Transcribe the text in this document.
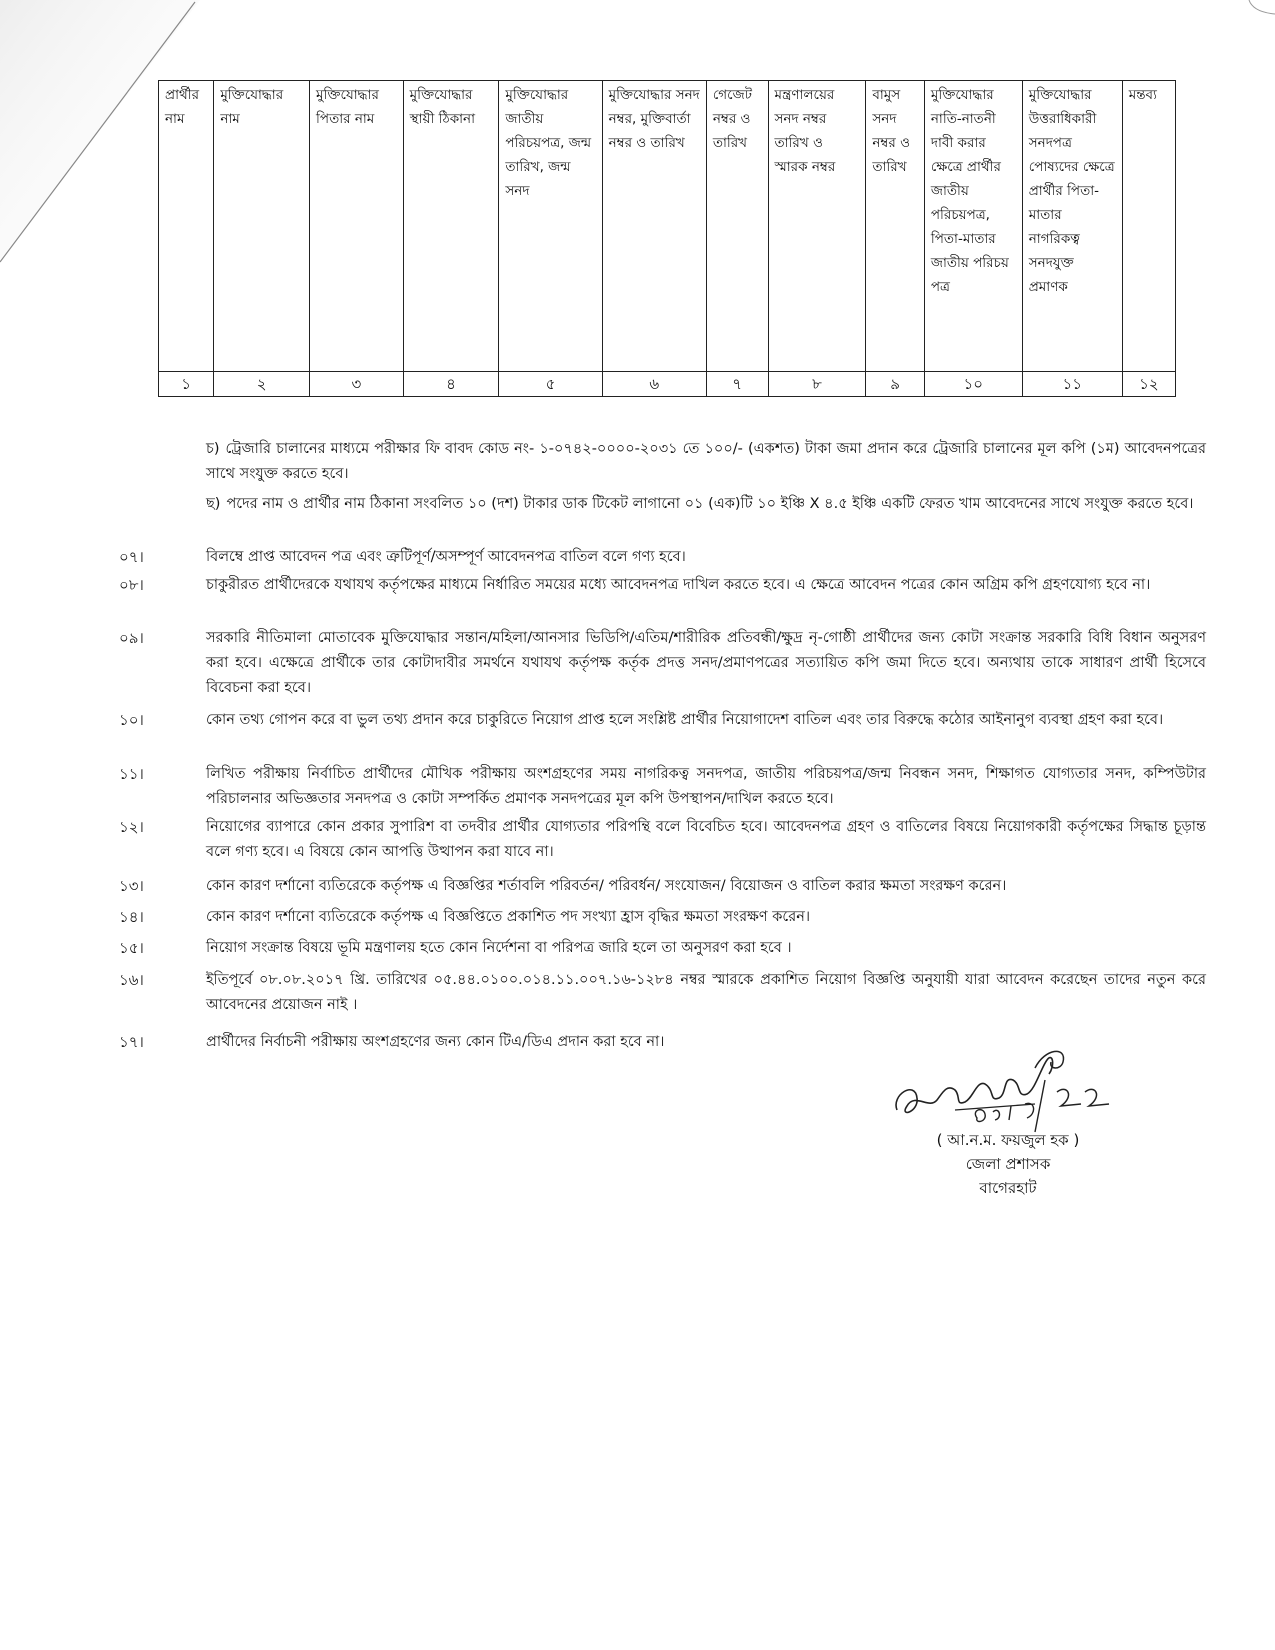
প্রার্থীর নাম	মুক্তিযোদ্ধার নাম	মুক্তিযোদ্ধার পিতার নাম	মুক্তিযোদ্ধার স্থায়ী ঠিকানা	মুক্তিযোদ্ধার জাতীয় পরিচয়পত্র, জন্ম তারিখ, জন্ম সনদ	মুক্তিযোদ্ধার সনদ নম্বর, মুক্তিবার্তা নম্বর ও তারিখ	গেজেট নম্বর ও তারিখ	মন্ত্রণালয়ের সনদ নম্বর তারিখ ও স্মারক নম্বর	বামুস সনদ নম্বর ও তারিখ	মুক্তিযোদ্ধার নাতি-নাতনী দাবী করার ক্ষেত্রে প্রার্থীর জাতীয় পরিচয়পত্র, পিতা-মাতার জাতীয় পরিচয় পত্র	মুক্তিযোদ্ধার উত্তরাধিকারী সনদপত্র পোষ্যদের ক্ষেত্রে প্রার্থীর পিতা-মাতার নাগরিকত্ব সনদযুক্ত প্রমাণক	মন্তব্য
১	২	৩	৪	৫	৬	৭	৮	৯	১০	১১	১২
চ) ট্রেজারি চালানের মাধ্যমে পরীক্ষার ফি বাবদ কোড নং- ১-০৭৪২-০০০০-২০৩১ তে ১০০/- (একশত) টাকা জমা প্রদান করে ট্রেজারি চালানের মূল কপি (১ম) আবেদনপত্রের সাথে সংযুক্ত করতে হবে।
ছ) পদের নাম ও প্রার্থীর নাম ঠিকানা সংবলিত ১০ (দশ) টাকার ডাক টিকেট লাগানো ০১ (এক)টি ১০ ইঞ্চি X ৪.৫ ইঞ্চি একটি ফেরত খাম আবেদনের সাথে সংযুক্ত করতে হবে।
০৭।	বিলম্বে প্রাপ্ত আবেদন পত্র এবং ত্রুটিপূর্ণ/অসম্পূর্ণ আবেদনপত্র বাতিল বলে গণ্য হবে।
০৮।	চাকুরীরত প্রার্থীদেরকে যথাযথ কর্তৃপক্ষের মাধ্যমে নির্ধারিত সময়ের মধ্যে আবেদনপত্র দাখিল করতে হবে। এ ক্ষেত্রে আবেদন পত্রের কোন অগ্রিম কপি গ্রহণযোগ্য হবে না।
০৯।	সরকারি নীতিমালা মোতাবেক মুক্তিযোদ্ধার সন্তান/মহিলা/আনসার ভিডিপি/এতিম/শারীরিক প্রতিবন্ধী/ক্ষুদ্র নৃ-গোষ্ঠী প্রার্থীদের জন্য কোটা সংক্রান্ত সরকারি বিধি বিধান অনুসরণ করা হবে। এক্ষেত্রে প্রার্থীকে তার কোটাদাবীর সমর্থনে যথাযথ কর্তৃপক্ষ কর্তৃক প্রদত্ত সনদ/প্রমাণপত্রের সত্যায়িত কপি জমা দিতে হবে। অন্যথায় তাকে সাধারণ প্রার্থী হিসেবে বিবেচনা করা হবে।
১০।	কোন তথ্য গোপন করে বা ভুল তথ্য প্রদান করে চাকুরিতে নিয়োগ প্রাপ্ত হলে সংশ্লিষ্ট প্রার্থীর নিয়োগাদেশ বাতিল এবং তার বিরুদ্ধে কঠোর আইনানুগ ব্যবস্থা গ্রহণ করা হবে।
১১।	লিখিত পরীক্ষায় নির্বাচিত প্রার্থীদের মৌখিক পরীক্ষায় অংশগ্রহণের সময় নাগরিকত্ব সনদপত্র, জাতীয় পরিচয়পত্র/জন্ম নিবন্ধন সনদ, শিক্ষাগত যোগ্যতার সনদ, কম্পিউটার পরিচালনার অভিজ্ঞতার সনদপত্র ও কোটা সম্পর্কিত প্রমাণক সনদপত্রের মূল কপি উপস্থাপন/দাখিল করতে হবে।
১২।	নিয়োগের ব্যাপারে কোন প্রকার সুপারিশ বা তদবীর প্রার্থীর যোগ্যতার পরিপন্থি বলে বিবেচিত হবে। আবেদনপত্র গ্রহণ ও বাতিলের বিষয়ে নিয়োগকারী কর্তৃপক্ষের সিদ্ধান্ত চূড়ান্ত বলে গণ্য হবে। এ বিষয়ে কোন আপত্তি উত্থাপন করা যাবে না।
১৩।	কোন কারণ দর্শানো ব্যতিরেকে কর্তৃপক্ষ এ বিজ্ঞপ্তির শর্তাবলি পরিবর্তন/ পরিবর্ধন/ সংযোজন/ বিয়োজন ও বাতিল করার ক্ষমতা সংরক্ষণ করেন।
১৪।	কোন কারণ দর্শানো ব্যতিরেকে কর্তৃপক্ষ এ বিজ্ঞপ্তিতে প্রকাশিত পদ সংখ্যা হ্রাস বৃদ্ধির ক্ষমতা সংরক্ষণ করেন।
১৫।	নিয়োগ সংক্রান্ত বিষয়ে ভূমি মন্ত্রণালয় হতে কোন নির্দেশনা বা পরিপত্র জারি হলে তা অনুসরণ করা হবে ।
১৬।	ইতিপূর্বে ০৮.০৮.২০১৭ খ্রি. তারিখের ০৫.৪৪.০১০০.০১৪.১১.০০৭.১৬-১২৮৪ নম্বর স্মারকে প্রকাশিত নিয়োগ বিজ্ঞপ্তি অনুযায়ী যারা আবেদন করেছেন তাদের নতুন করে আবেদনের প্রয়োজন নাই ।
১৭।	প্রার্থীদের নির্বাচনী পরীক্ষায় অংশগ্রহণের জন্য কোন টিএ/ডিএ প্রদান করা হবে না।
( আ.ন.ম. ফয়জুল হক )
জেলা প্রশাসক
বাগেরহাট
